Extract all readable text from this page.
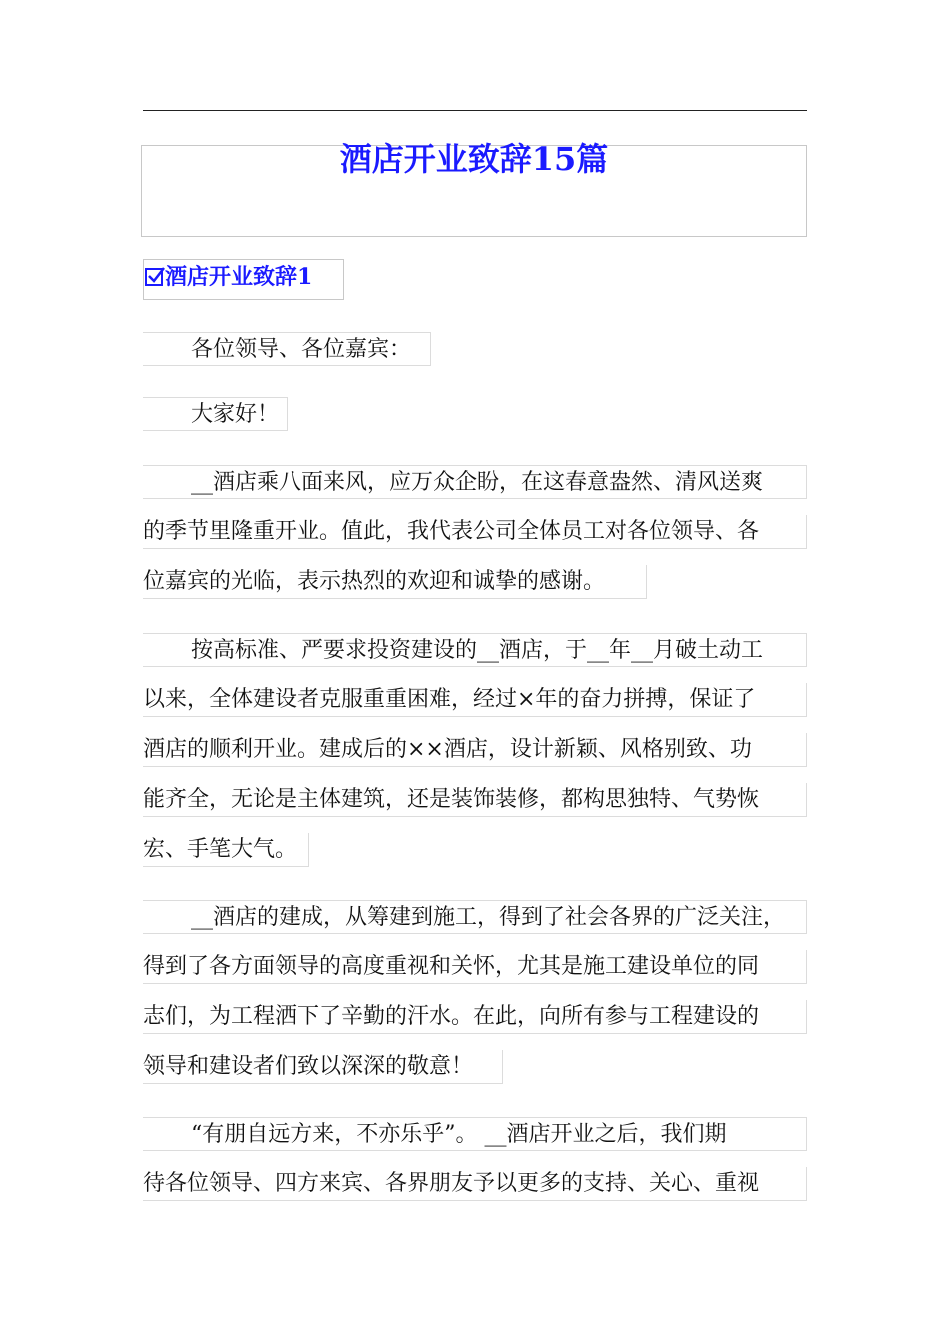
酒店开业致辞15篇
酒店开业致辞1
各位领导、各位嘉宾：
大家好！
__酒店乘八面来风，应万众企盼，在这春意盎然、清风送爽
的季节里隆重开业。值此，我代表公司全体员工对各位领导、各
位嘉宾的光临，表示热烈的欢迎和诚挚的感谢。
按高标准、严要求投资建设的__酒店，于__年__月破土动工
以来，全体建设者克服重重困难，经过×年的奋力拼搏，保证了
酒店的顺利开业。建成后的××酒店，设计新颖、风格别致、功
能齐全，无论是主体建筑，还是装饰装修，都构思独特、气势恢
宏、手笔大气。
__酒店的建成，从筹建到施工，得到了社会各界的广泛关注，
得到了各方面领导的高度重视和关怀，尤其是施工建设单位的同
志们，为工程洒下了辛勤的汗水。在此，向所有参与工程建设的
领导和建设者们致以深深的敬意！
“有朋自远方来，不亦乐乎”。 __酒店开业之后，我们期
待各位领导、四方来宾、各界朋友予以更多的支持、关心、重视
